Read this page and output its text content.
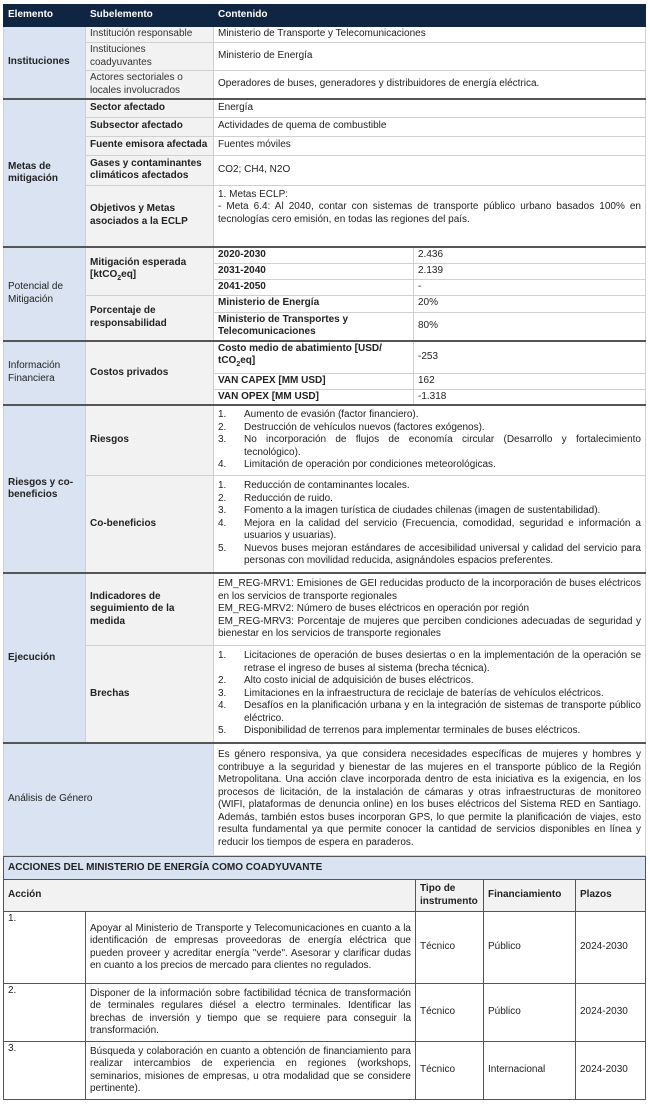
Elemento	Subelemento	Contenido	
Instituciones	Institución responsable	Ministerio de Transporte y Telecomunicaciones	
	Instituciones coadyuvantes	Ministerio de Energía	
	Actores sectoriales o locales involucrados	Operadores de buses, generadores y distribuidores de energía eléctrica.	
Metas de mitigación	Sector afectado	Energía	
	Subsector afectado	Actividades de quema de combustible	
	Fuente emisora afectada	Fuentes móviles	
	Gases y contaminantes climáticos afectados	CO2; CH4, N2O	
	Objetivos y Metas asociados a la ECLP	1. Metas ECLP:
- Meta 6.4: Al 2040, contar con sistemas de transporte público urbano basados 100% en tecnologías cero emisión, en todas las regiones del país.	

Potencial de Mitigación	Mitigación esperada [ktCO$_2$eq]	2020-2030	2.436
		2031-2040	2.139
		2041-2050	-
	Porcentaje de responsabilidad	Ministerio de Energía	20%
		Ministerio de Transportes y Telecomunicaciones	80%
Información Financiera	Costos privados	Costo medio de abatimiento [USD/ tCO$_2$eq]	-253
		VAN CAPEX [MM USD]	162
		VAN OPEX [MM USD]	-1.318
Riesgos y co-beneficios	Riesgos	
1.	Aumento de evasión (factor financiero).
2.	Destrucción de vehículos nuevos (factores exógenos).
3.	No incorporación de flujos de economía circular (Desarrollo y fortalecimiento tecnológico).
4.	Limitación de operación por condiciones meteorológicas.

Co-beneficios	
1.	Reducción de contaminantes locales.
2.	Reducción de ruido.
3.	Fomento a la imagen turística de ciudades chilenas (imagen de sustentabilidad).
4.	Mejora en la calidad del servicio (Frecuencia, comodidad, seguridad e información a usuarios y usuarias).
5.	Nuevos buses mejoran estándares de accesibilidad universal y calidad del servicio para personas con movilidad reducida, asignándoles espacios preferentes.

Ejecución	Indicadores de seguimiento de la medida	EM_REG-MRV1: Emisiones de GEI reducidas producto de la incorporación de buses eléctricos en los servicios de transporte regionales
EM_REG-MRV2: Número de buses eléctricos en operación por región
EM_REG-MRV3: Porcentaje de mujeres que perciben condiciones adecuadas de seguridad y bienestar en los servicios de transporte regionales	

Brechas	
1.	Licitaciones de operación de buses desiertas o en la implementación de la operación se retrase el ingreso de buses al sistema (brecha técnica).
2.	Alto costo inicial de adquisición de buses eléctricos.
3.	Limitaciones en la infraestructura de reciclaje de baterías de vehículos eléctricos.
4.	Desafíos en la planificación urbana y en la integración de sistemas de transporte público eléctrico.
5.	Disponibilidad de terrenos para implementar terminales de buses eléctricos.

Análisis de Género		Es género responsiva, ya que considera necesidades específicas de mujeres y hombres y contribuye a la seguridad y bienestar de las mujeres en el transporte público de la Región Metropolitana. Una acción clave incorporada dentro de esta iniciativa es la exigencia, en los procesos de licitación, de la instalación de cámaras y otras infraestructuras de monitoreo (WIFI, plataformas de denuncia online) en los buses eléctricos del Sistema RED en Santiago. Además, también estos buses incorporan GPS, lo que permite la planificación de viajes, esto resulta fundamental ya que permite conocer la cantidad de servicios disponibles en línea y reducir los tiempos de espera en paraderos.	
ACCIONES DEL MINISTERIO DE ENERGÍA COMO COADYUVANTE				
Acción		Tipo de instrumento	Financiamiento	Plazos
1.	Apoyar al Ministerio de Transporte y Telecomunicaciones en cuanto a la identificación de empresas proveedoras de energía eléctrica que pueden proveer y acreditar energía "verde". Asesorar y clarificar dudas en cuanto a los precios de mercado para clientes no regulados.	Técnico	Público	2024-2030
2.	Disponer de la información sobre factibilidad técnica de transformación de terminales regulares diésel a electro terminales. Identificar las brechas de inversión y tiempo que se requiere para conseguir la transformación.	Técnico	Público	2024-2030
3.	Búsqueda y colaboración en cuanto a obtención de financiamiento para realizar intercambios de experiencia en regiones (workshops, seminarios, misiones de empresas, u otra modalidad que se considere pertinente).	Técnico	Internacional	2024-2030
